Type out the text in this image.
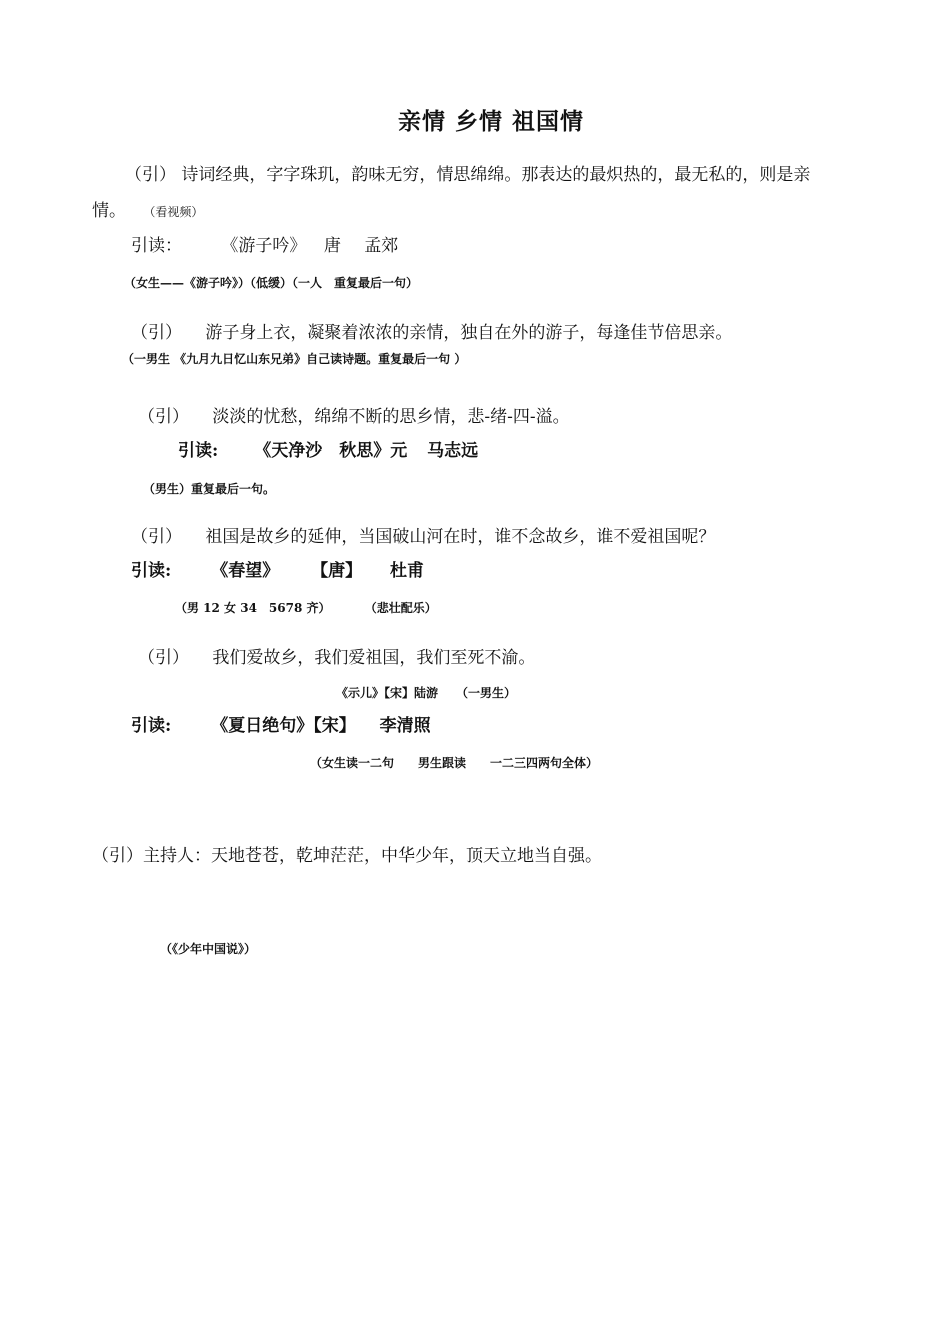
亲情 乡情 祖国情
（引） 诗词经典，字字珠玑，韵味无穷，情思绵绵。那表达的最炽热的，最无私的，则是亲
情。 （看视频）
引读： 《游子吟》 唐 孟郊
（女生——《游子吟》）（低缓）（一人　重复最后一句）
（引） 游子身上衣，凝聚着浓浓的亲情，独自在外的游子，每逢佳节倍思亲。
（一男生 《九月九日忆山东兄弟》自己读诗题。重复最后一句 ）
（引） 淡淡的忧愁，绵绵不断的思乡情，悲-绪-四-溢。
引读: 《天净沙　秋思》元 马志远
（男生）重复最后一句。
（引） 祖国是故乡的延伸，当国破山河在时，谁不念故乡，谁不爱祖国呢？
引读: 《春望》 【唐】 杜甫
（男 12 女 34　5678 齐）	（悲壮配乐）
（引） 我们爱故乡，我们爱祖国，我们至死不渝。
《示儿》【宋】陆游　　（一男生）
引读: 《夏日绝句》【宋】 李清照
（女生读一二句　　男生跟读　　一二三四两句全体）
（引）主持人：天地苍苍，乾坤茫茫，中华少年，顶天立地当自强。
（《少年中国说》）
